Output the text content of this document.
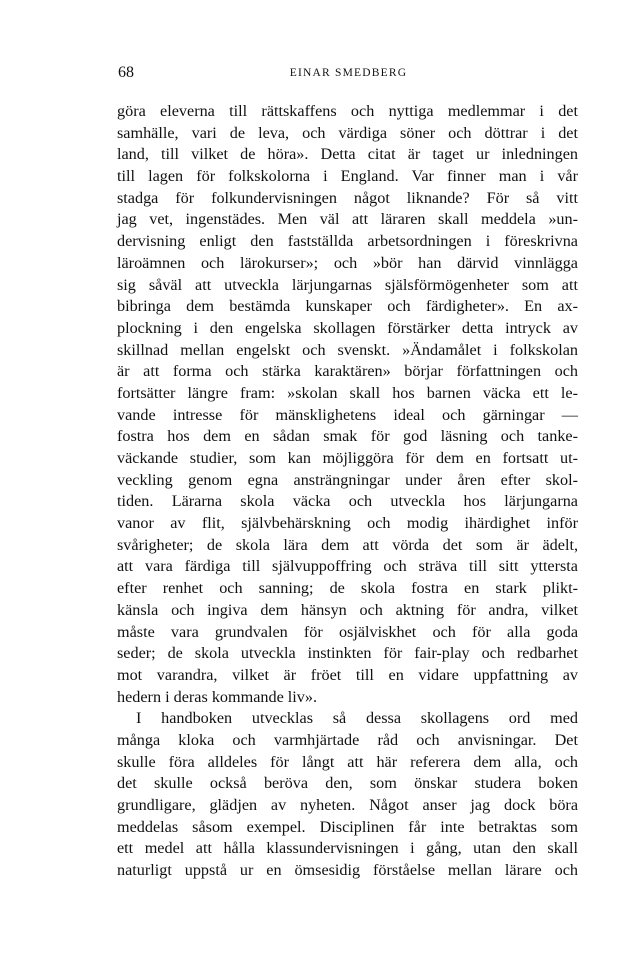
68	EINAR SMEDBERG
göra eleverna till rättskaffens och nyttiga medlemmar i det
samhälle, vari de leva, och värdiga söner och döttrar i det
land, till vilket de höra». Detta citat är taget ur inledningen
till lagen för folkskolorna i England. Var finner man i vår
stadga för folkundervisningen något liknande? För så vitt
jag vet, ingenstädes. Men väl att läraren skall meddela »un-
dervisning enligt den fastställda arbetsordningen i föreskrivna
läroämnen och lärokurser»; och »bör han därvid vinnlägga
sig såväl att utveckla lärjungarnas själsförmögenheter som att
bibringa dem bestämda kunskaper och färdigheter». En ax-
plockning i den engelska skollagen förstärker detta intryck av
skillnad mellan engelskt och svenskt. »Ändamålet i folkskolan
är att forma och stärka karaktären» börjar författningen och
fortsätter längre fram: »skolan skall hos barnen väcka ett le-
vande intresse för mänsklighetens ideal och gärningar —
fostra hos dem en sådan smak för god läsning och tanke-
väckande studier, som kan möjliggöra för dem en fortsatt ut-
veckling genom egna ansträngningar under åren efter skol-
tiden. Lärarna skola väcka och utveckla hos lärjungarna
vanor av flit, självbehärskning och modig ihärdighet inför
svårigheter; de skola lära dem att vörda det som är ädelt,
att vara färdiga till självuppoffring och sträva till sitt yttersta
efter renhet och sanning; de skola fostra en stark plikt-
känsla och ingiva dem hänsyn och aktning för andra, vilket
måste vara grundvalen för osjälviskhet och för alla goda
seder; de skola utveckla instinkten för fair-play och redbarhet
mot varandra, vilket är fröet till en vidare uppfattning av
hedern i deras kommande liv».
I handboken utvecklas så dessa skollagens ord med
många kloka och varmhjärtade råd och anvisningar. Det
skulle föra alldeles för långt att här referera dem alla, och
det skulle också beröva den, som önskar studera boken
grundligare, glädjen av nyheten. Något anser jag dock böra
meddelas såsom exempel. Disciplinen får inte betraktas som
ett medel att hålla klassundervisningen i gång, utan den skall
naturligt uppstå ur en ömsesidig förståelse mellan lärare och
